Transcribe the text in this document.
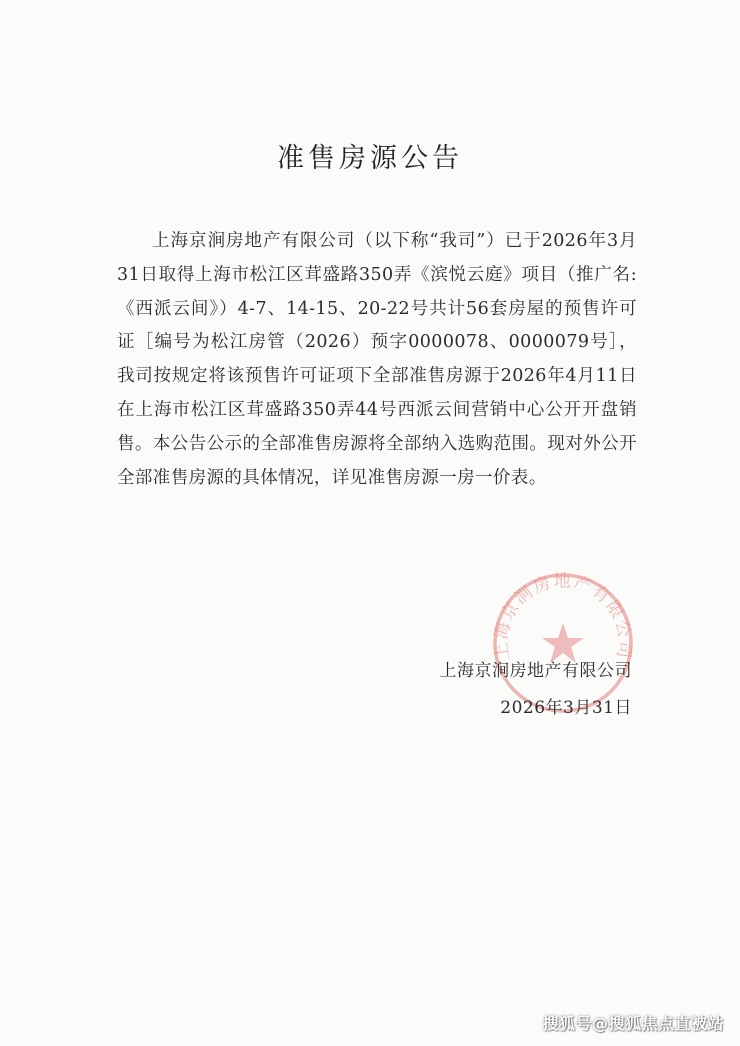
准售房源公告

上海京涧房地产有限公司（以下称“我司”）已于2026年3月31日取得上海市松江区茸盛路350弄《滨悦云庭》项目（推广名:《西派云间》）4-7、14-15、20-22号共计56套房屋的预售许可证［编号为松江房管（2026）预字0000078、0000079号］，我司按规定将该预售许可证项下全部准售房源于2026年4月11日在上海市松江区茸盛路350弄44号西派云间营销中心公开开盘销售。本公告公示的全部准售房源将全部纳入选购范围。现对外公开全部准售房源的具体情况，详见准售房源一房一价表。

上海京涧房地产有限公司
上海京涧房地产有限公司
2026年3月31日
搜狐号@搜狐焦点直被站
